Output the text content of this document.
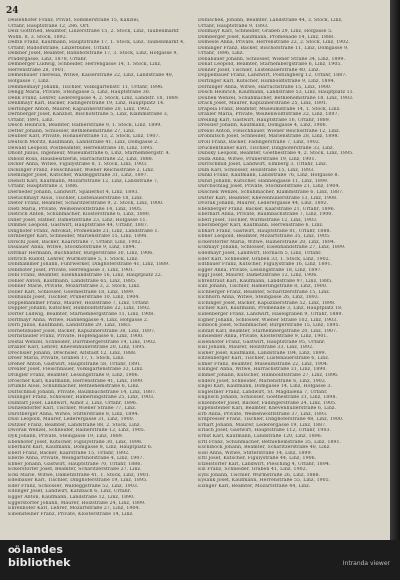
24
Deisenhofer Franz, Privat, Sommerstraße 15, Kanzlei,
Urfahr, Hauptstraße 12, 286, Ort.
Deix Gottfried, Beamter, Linzerstraße 15, 2. Stock, Linz, Taubenmarkt
Wohn. 8, 3. Stock, 1892.
Delfin Franz, Kaufmann, Hauptstraße 17, 1. Stock, Linz, Taubenmarkt 4,
Urfahr, Rudolfstraße, Linzerbühel, Urfahr.
Delkner Josef, Beamter, Bahnhofstraße 17, 3. Stock, Linz, Hofgasse 9,
Pradergasse, Linz, 1878, Urfahr.
Demberger Ludwig, Schneider, Herrengasse 14, 1. Stock, Linz,
Herrenstraße 28, 1901.
Demelbauer Theresia, Witwe, Kaiserstraße 22, Linz, Landstraße 40,
Hofgasse 7, Linz.
Demmelmayr Johann, Tischler, Volksgartenstr. 11, Urfahr, 1896.
Dengg Maria, Private, Steingasse 5, Linz, Hauptstraße 30.
Denk Franz, Lehrer, Lederergasse 4, 2. Stock, Linz, Landstr. 18, 1889.
Denkmayr Karl, Bäcker, Fadingerstraße 19, Linz, Hauptplatz 14.
Derflinger Anton, Maurer, Kapuzinerstraße 20, Linz, 1902.
Dernberger Josef, Kanzlist, Bischofstraße 5, Linz, Klammstraße 3,
Urfahr, 1891, Linz.
Desch Heinrich, Beamter, Hafnerstraße 9, 1. Stock, Linz, 1899.
Detter Johann, Schlosser, Bethlehemstraße 27, Linz.
Deubler Karl, Private, Honauerstraße 13, 2. Stock, Linz, 1907.
Deutsch Moritz, Kaufmann, Landstraße 41, Linz, Domgasse 2.
Dewald Leopold, Postbeamter, Herrenstraße 18, Linz, 1895.
Dhont Julius, Ingenieur, Museumstraße 6, Linz, Starhembergstr. 4.
Dibold Rosa, Hausbesitzerin, Harrachstraße 22, Linz, 1888.
Dicker Anna, Witwe, Figulystraße 8, 1. Stock, Linz, 1903.
Dickinger Franz, Fleischhauer, Wiener Reichsstraße 2, Linz.
Dieminger Josef, Kutscher, Waldeggstraße 31, Linz, 1897.
Dienstl Karl, Kaufmann, Mozartstraße 12, Linz, Landstraße 7,
Urfahr, Hauptstraße 3, 1886.
Dierneder Johann, Landwirt, Spallerhof 4, Linz, 1893.
Dietachmayr Alois, Tischler, Lustenauerstraße 18, Linz.
Dieter Franz, Beamter, Scharitzerstraße 9, 2. Stock, Linz, 1900.
Dietl Maria, Private, Weißenwolffstraße 14, Linz, 1905.
Dietrich Anton, Schuhmacher, Klosterstraße 6, Linz, 1890.
Diller Josef, Hafner, Dametzstraße 23, Linz, Hofgasse 11.
Dimmel Leopold, Gastwirt, Hauptstraße 44, Urfahr, 1887.
Dinghofer Franz, Advokat, Promenade 21, Linz, Landstraße 1.
Dirnberger Karl, Schneider, Marienstraße 15, Linz, 1898.
Dirschl Josef, Bäcker, Kaarstraße 7, Urfahr, Linz, 1902.
Dissauer Anna, Witwe, Stockhofstraße 9, Linz, 1894.
Dittmar Hermann, Buchhalter, Bürgerstraße 30, Linz, 1906.
Dittrich Rudolf, Lehrer, Wurmstraße 5, 1. Stock, Linz.
Doblhammer Johann, Fuhrwerker, Dinghoferstraße 41, Linz, 1889.
Doblhofer Josef, Private, Herrengasse 3, Linz, 1901.
Döbl Franz, Beamter, Eisenhandstraße 16, Linz, Hauptplatz 22.
Dobler Anton, Kaufmann, Landstraße 65, Linz, 1885.
Dobner Marie, Private, Mozartstraße 3, 2. Stock, Linz.
Döller Karl, Schlosser, Goethestraße 18, Linz, 1899.
Dollhäubl Josef, Tischler, Prunerstraße 10, Linz, 1904.
Doppelhammer Franz, Maurer, Holzstraße 7, Linz, Urfahr.
Doppler Johann, Kutscher, Humboldtstraße 22, Linz, 1892.
Dorfer Ludwig, Beamter, Starhembergstraße 11, Linz, 1908.
Dorfmayr Anna, Witwe, Hahnengasse 4, Linz, Hofgasse 2.
Dorn Julius, Kaufmann, Landstraße 29, Linz, 1883.
Dornetshuber Josef, Bäcker, Kapuzinerstraße 38, Linz, 1897.
Dornstauder Franz, Private, Hopfengasse 6, Linz, 1900.
Dostal Wenzel, Schneider, Dürrnbergerstraße 14, Linz, 1902.
Draxler Karl, Lehrer, Khevenhüllerstraße 20, Linz, 1895.
Drechsler Johann, Drechsler, Altstadt 12, Linz, 1888.
Dreer Maria, Private, Graben 17, 1. Stock, Linz.
Dreher Anton, Gastwirt, Hauptstraße 58, Urfahr, 1891.
Drexler Josef, Fleischhauer, Volksgartenstraße 33, Linz.
Dringler Franz, Beamter, Lessingstraße 9, Linz, 1906.
Dröscher Karl, Kaufmann, Herrenstraße 41, Linz, 1899.
Drumbl Alois, Schuhmacher, Bethlehemstraße 6, Linz.
Duftschmid Johann, Private, Baumbachstraße 14, Linz, 1887.
Dullinger Franz, Schlosser, Hamerlingstraße 25, Linz, 1903.
Dumfart Josef, Landwirt, Auhof 2, Linz, Urfahr, 1896.
Dunzendorfer Karl, Tischler, Wiener Straße 77, Linz.
Durstberger Anna, Witwe, Stifterstraße 8, Linz, 1894.
Dusl Leopold, Maurer, Lederergasse 31, Linz, 1900.
Dutzler Franz, Beamter, Landstraße 88, 2. Stock, Linz.
Dworak Wenzel, Schneider, Rainerstraße 12, Linz, 1905.
Dyk Johann, Private, Steingasse 19, Linz, 1889.
Ebenhofer Josef, Kutscher, Figulystraße 30, Linz, 1898.
Eberhard Karl, Kaufmann, Domgasse 8, Linz, Hauptplatz 6.
Eberl Franz, Bäcker, Kaarstraße 15, Urfahr, 1892.
Eberle Anna, Private, Weingartshofstraße 4, Linz, 1907.
Ebner Johann, Gastwirt, Hauptstraße 70, Urfahr, 1886.
Eckerstorfer Josef, Beamter, Scharitzerstraße 27, Linz.
Eckl Marie, Witwe, Dametzstraße 41, 1. Stock, Linz, 1901.
Edelbauer Karl, Tischler, Dinghoferstraße 19, Linz, 1895.
Eder Franz, Schlosser, Waldeggstraße 52, Linz, 1903.
Edlinger Josef, Landwirt, Katzbach 6, Linz, Urfahr.
Egger Anton, Kaufmann, Landstraße 12, Linz, 1890.
Eggerstorfer Johann, Maurer, Holzstraße 24, Linz, 1899.
Ehrenhöfer Karl, Lehrer, Mozartstraße 27, Linz, 1904.
Eibensteiner Franz, Private, Klosterstraße 14, Linz.
Dollischek, Johann, Beamter, Landstraße 44, 3. Stock, Linz,
Urfahr, Hauptstraße 9, 1893.
Dollmayr Karl, Schneider, Graben 29, Linz, Hofgasse 5.
Domberger Josef, Kaufmann, Promenade 14, Linz, 1888.
Domesle Anna, Private, Herrenstraße 22, 2. Stock, Linz, 1902.
Dominger Franz, Bäcker, Bischofstraße 11, Linz, Domgasse 9,
Urfahr, 1896, Linz.
Donabauer Johann, Schlosser, Wiener Straße 34, Linz, 1899.
Donat Leopold, Beamter, Starhembergstraße 6, Linz, 1905.
Donner Josef, Tischler, Lustenauerstraße 40, Linz.
Doppelbauer Franz, Landwirt, Pöstlingberg 12, Urfahr, 1887.
Dorfinger Karl, Kutscher, Humboldtstraße 9, Linz, 1894.
Dorninger Anna, Witwe, Harrachstraße 15, Linz, 1900.
Dosch Heinrich, Kaufmann, Landstraße 53, Linz, Hauptplatz 11.
Doubek Wenzel, Schuhmacher, Bethlehemstraße 18, Linz, 1903.
Drack Josef, Maurer, Kapuzinerstraße 25, Linz, 1891.
Drapela Franz, Beamter, Museumstraße 14, 1. Stock, Linz.
Draxler Maria, Private, Weißenwolffstraße 22, Linz, 1897.
Dreiling Karl, Gastwirt, Hauptstraße 16, Urfahr, 1889.
Dressler Johann, Kaufmann, Domgasse 4, Linz, 1906.
Drexel Anton, Fleischhauer, Wiener Reichsstraße 12, Linz.
Drobnitsch Josef, Schneider, Marienstraße 28, Linz, 1898.
Dröll Franz, Bäcker, Fadingerstraße 7, Linz, 1902.
Druckenthaner Karl, Tischler, Dinghoferstraße 33, Linz.
Dubsky Leopold, Beamter, Goethestraße 4, 2. Stock, Linz, 1895.
Duda Anna, Witwe, Prunerstraße 19, Linz, 1901.
Dürrschmid Josef, Landwirt, Elmberg 3, Urfahr, Linz.
Dum Karl, Schlosser, Holzstraße 15, Linz, 1893.
Dunkl Franz, Kaufmann, Landstraße 76, Linz, Hofgasse 8.
Dunst Johann, Kutscher, Hahnengasse 11, Linz, 1899.
Durchschlag Josef, Private, Stockhofstraße 21, Linz, 1904.
Duschek Wenzel, Schuhmacher, Klammstraße 6, Linz, 1887.
Dutter Karl, Beamter, Khevenhüllerstraße 13, Linz, 1908.
Dvorak Johann, Maurer, Lederergasse 44, Linz, 1892.
Ebenberger Franz, Bäcker, Kaarstraße 21, Urfahr, 1896.
Eberhart Anna, Private, Baumbachstraße 7, Linz, 1900.
Eberl Josef, Tischler, Wurmstraße 12, Linz, 1903.
Ebersberger Karl, Kaufmann, Herrenstraße 6, Linz.
Ebhart Franz, Gastwirt, Hauptstraße 81, Urfahr, 1888.
Ebner Leopold, Beamter, Mozartstraße 35, Linz, 1905.
Eckerstorfer Maria, Witwe, Rainerstraße 20, Linz, 1894.
Eckmayr Johann, Schlosser, Eisenhandstraße 27, Linz, 1899.
Edelmayr Josef, Landwirt, Dornach 5, Linz, Urfahr.
Eder Karl, Schneider, Graben 33, 1. Stock, Linz, 1902.
Edtbauer Franz, Kutscher, Figulystraße 16, Linz, 1891.
Egger Anna, Private, Lessingstraße 18, Linz, 1897.
Eggl Josef, Maurer, Dametzstraße 12, Linz, 1906.
Ehrentraut Karl, Kaufmann, Landstraße 97, Linz, 1885.
Eibl Johann, Tischler, Hamerlingstraße 8, Linz, 1900.
Eichberger Franz, Beamter, Scharitzerstraße 15, Linz.
Eichhorn Anna, Witwe, Steingasse 26, Linz, 1893.
Eichinger Josef, Bäcker, Kapuzinerstraße 52, Linz, 1898.
Eichler Karl, Kaufmann, Promenade 3, Linz, Hauptplatz 18.
Eidenberger Franz, Landwirt, Haselgraben 9, Urfahr, 1889.
Eigner Johann, Schlosser, Wiener Straße 102, Linz, 1903.
Einböck Josef, Schuhmacher, Bürgerstraße 15, Linz, 1895.
Einfalt Karl, Beamter, Starhembergstraße 20, Linz, 1907.
Einsiedler Anna, Private, Klosterstraße 9, Linz, 1901.
Eisenhofer Franz, Gastwirt, Hauptstraße 95, Urfahr.
Eisl Johann, Maurer, Holzstraße 33, Linz, 1892.
Eisner Josef, Kaufmann, Landstraße 104, Linz, 1899.
Eitzenberger Karl, Tischler, Lustenauerstraße 6, Linz.
Elmer Franz, Beamter, Museumstraße 22, Linz, 1904.
Elsinger Anna, Witwe, Harrachstraße 31, Linz, 1890.
Emmer Johann, Kutscher, Humboldtstraße 27, Linz, 1896.
Enders Josef, Schneider, Marienstraße 6, Linz, 1902.
Engel Karl, Kaufmann, Domgasse 14, Linz, Hofgasse 3.
Engleitner Franz, Landwirt, St. Magdalena 7, Urfahr.
Englisch Johann, Schlosser, Goethestraße 31, Linz, 1898.
Enzenhofer Josef, Bäcker, Fadingerstraße 24, Linz, 1905.
Eppensteiner Karl, Beamter, Khevenhüllerstraße 6, Linz.
Erb Anna, Private, Weißenwolffstraße 37, Linz, 1893.
Erdpresser Franz, Tischler, Dinghoferstraße 48, Linz, 1900.
Erhart Johann, Maurer, Lederergasse 19, Linz, 1887.
Erlach Josef, Gastwirt, Hauptstraße 112, Urfahr, 1903.
Ernst Karl, Kaufmann, Landstraße 120, Linz, 1896.
Ertl Franz, Schuhmacher, Bethlehemstraße 35, Linz, 1891.
Eschlböck Johann, Beamter, Scharitzerstraße 40, Linz.
Essl Anna, Witwe, Stifterstraße 14, Linz, 1899.
Ettl Josef, Kutscher, Figulystraße 44, Linz, 1906.
Etzelstorfer Karl, Landwirt, Plesching 4, Urfahr, 1894.
Exl Franz, Schneider, Graben 41, Linz, 1902.
Eybl Johann, Tischler, Wurmstraße 26, Linz, 1888.
Eysank Josef, Kaufmann, Herrenstraße 55, Linz, 1905.
Ezinger Karl, Beamter, Mozartstraße 44, Linz.
oö landes
bibliothek	Intranda viewer
